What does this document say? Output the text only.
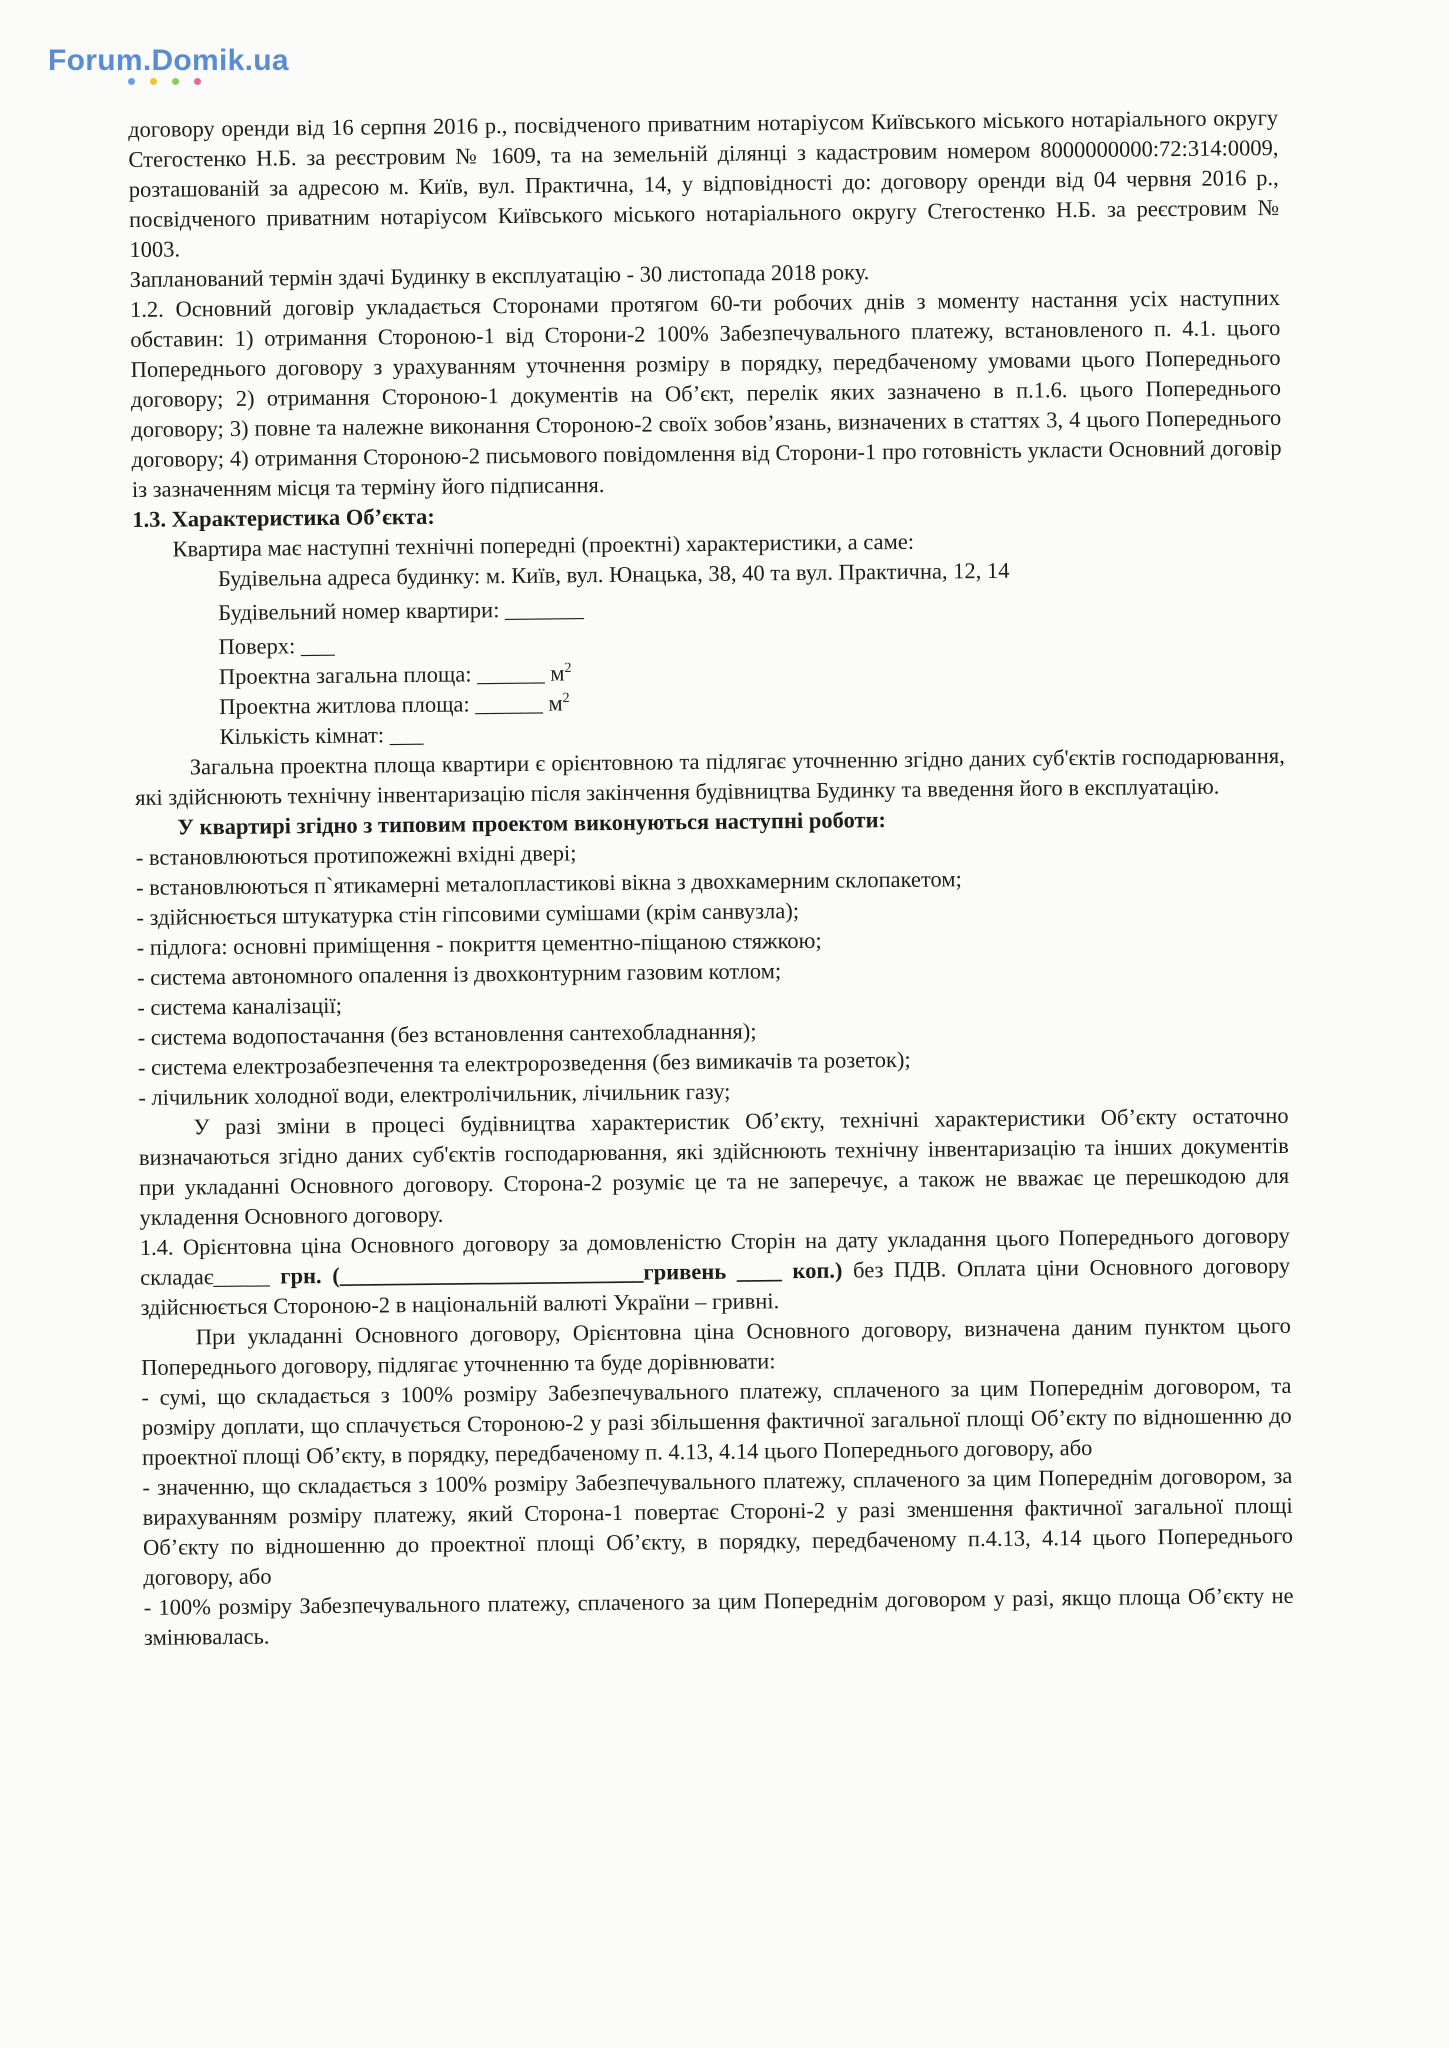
Forum.Domik.ua

договору оренди від 16 серпня 2016 р., посвідченого приватним нотаріусом Київського міського нотаріального округу Стегостенко Н.Б. за реєстровим № 1609, та на земельній ділянці з кадастровим номером 8000000000:72:314:0009, розташованій за адресою м. Київ, вул. Практична, 14, у відповідності до: договору оренди від 04 червня 2016 р., посвідченого приватним нотаріусом Київського міського нотаріального округу Стегостенко Н.Б. за реєстровим № 1003.

Запланований термін здачі Будинку в експлуатацію - 30 листопада 2018 року.

1.2. Основний договір укладається Сторонами протягом 60-ти робочих днів з моменту настання усіх наступних обставин: 1) отримання Стороною-1 від Сторони-2 100% Забезпечувального платежу, встановленого п. 4.1. цього Попереднього договору з урахуванням уточнення розміру в порядку, передбаченому умовами цього Попереднього договору; 2) отримання Стороною-1 документів на Об’єкт, перелік яких зазначено в п.1.6. цього Попереднього договору; 3) повне та належне виконання Стороною-2 своїх зобов’язань, визначених в статтях 3, 4 цього Попереднього договору; 4) отримання Стороною-2 письмового повідомлення від Сторони-1 про готовність укласти Основний договір із зазначенням місця та терміну його підписання.

1.3. Характеристика Об’єкта:

Квартира має наступні технічні попередні (проектні) характеристики, а саме:

Будівельна адреса будинку: м. Київ, вул. Юнацька, 38, 40 та вул. Практична, 12, 14

Будівельний номер квартири: _______

Поверх: ___

Проектна загальна площа: ______ $м^2$

Проектна житлова площа: ______ $м^2$

Кількість кімнат: ___

Загальна проектна площа квартири є орієнтовною та підлягає уточненню згідно даних суб'єктів господарювання, які здійснюють технічну інвентаризацію після закінчення будівництва Будинку та введення його в експлуатацію.

У квартирі згідно з типовим проектом виконуються наступні роботи:

- встановлюються протипожежні вхідні двері;
- встановлюються п`ятикамерні металопластикові вікна з двохкамерним склопакетом;
- здійснюється штукатурка стін гіпсовими сумішами (крім санвузла);
- підлога: основні приміщення - покриття цементно-піщаною стяжкою;
- система автономного опалення із двохконтурним газовим котлом;
- система каналізації;
- система водопостачання (без встановлення сантехобладнання);
- система електрозабезпечення та електророзведення (без вимикачів та розеток);
- лічильник холодної води, електролічильник, лічильник газу;

У разі зміни в процесі будівництва характеристик Об’єкту, технічні характеристики Об’єкту остаточно визначаються згідно даних суб'єктів господарювання, які здійснюють технічну інвентаризацію та інших документів при укладанні Основного договору. Сторона-2 розуміє це та не заперечує, а також не вважає це перешкодою для укладення Основного договору.

1.4. Орієнтовна ціна Основного договору за домовленістю Сторін на дату укладання цього Попереднього договору складає_____ грн. (___________________________гривень ____ коп.) без ПДВ. Оплата ціни Основного договору здійснюється Стороною-2 в національній валюті України – гривні.

При укладанні Основного договору, Орієнтовна ціна Основного договору, визначена даним пунктом цього Попереднього договору, підлягає уточненню та буде дорівнювати:

- сумі, що складається з 100% розміру Забезпечувального платежу, сплаченого за цим Попереднім договором, та розміру доплати, що сплачується Стороною-2 у разі збільшення фактичної загальної площі Об’єкту по відношенню до проектної площі Об’єкту, в порядку, передбаченому п. 4.13, 4.14 цього Попереднього договору, або

- значенню, що складається з 100% розміру Забезпечувального платежу, сплаченого за цим Попереднім договором, за вирахуванням розміру платежу, який Сторона-1 повертає Стороні-2 у разі зменшення фактичної загальної площі Об’єкту по відношенню до проектної площі Об’єкту, в порядку, передбаченому п.4.13, 4.14 цього Попереднього договору, або

- 100% розміру Забезпечувального платежу, сплаченого за цим Попереднім договором у разі, якщо площа Об’єкту не змінювалась.
